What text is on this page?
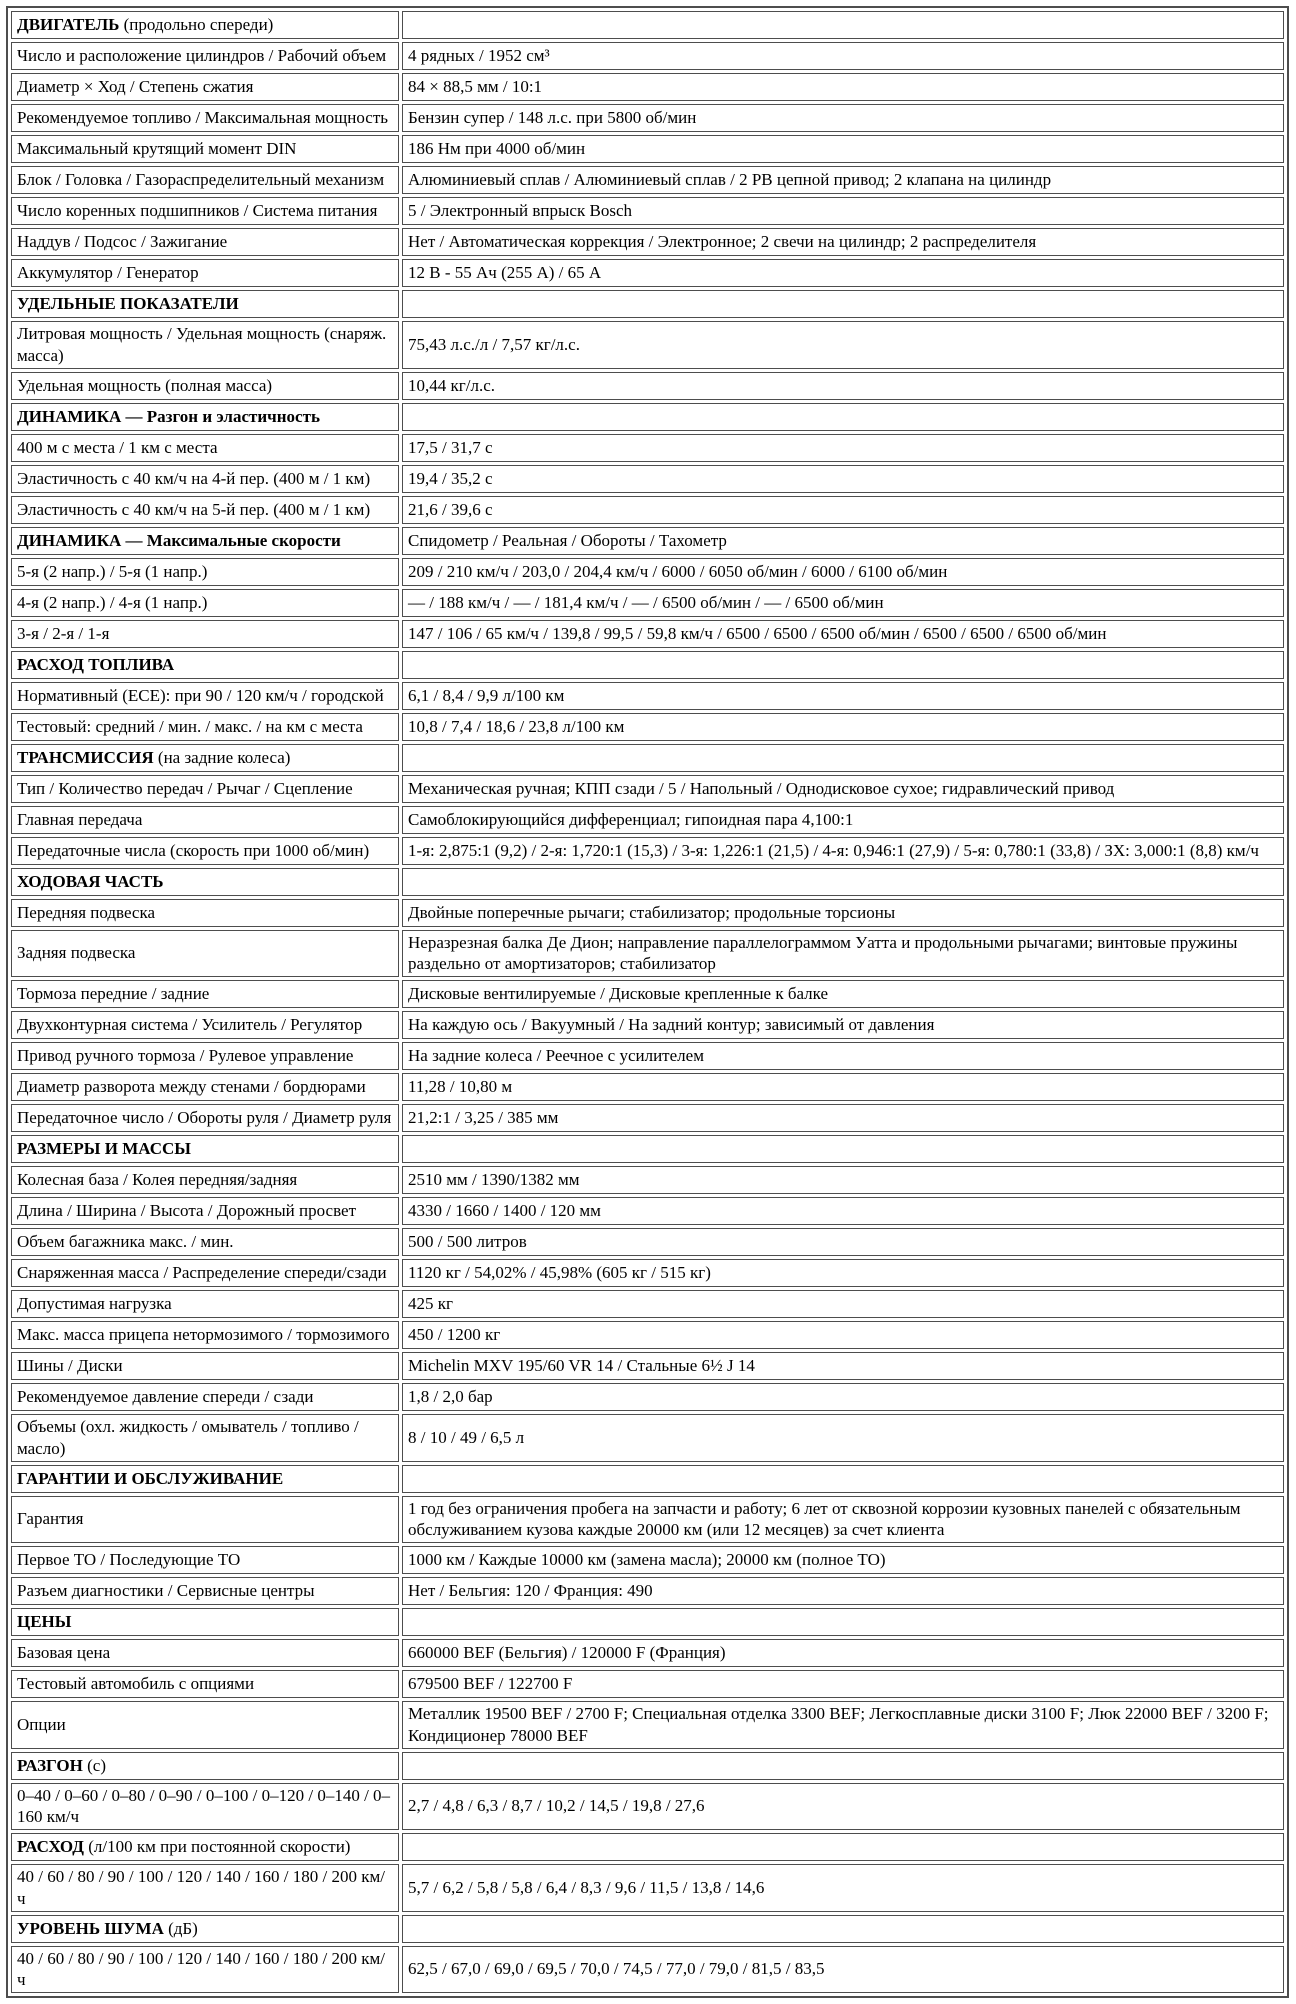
ДВИГАТЕЛЬ (продольно спереди)	
Число и расположение цилиндров / Рабочий объем	4 рядных / 1952 см³
Диаметр × Ход / Степень сжатия	84 × 88,5 мм / 10:1
Рекомендуемое топливо / Максимальная мощность	Бензин супер / 148 л.с. при 5800 об/мин
Максимальный крутящий момент DIN	186 Нм при 4000 об/мин
Блок / Головка / Газораспределительный механизм	Алюминиевый сплав / Алюминиевый сплав / 2 РВ цепной привод; 2 клапана на цилиндр
Число коренных подшипников / Система питания	5 / Электронный впрыск Bosch
Наддув / Подсос / Зажигание	Нет / Автоматическая коррекция / Электронное; 2 свечи на цилиндр; 2 распределителя
Аккумулятор / Генератор	12 В - 55 Ач (255 А) / 65 А
УДЕЛЬНЫЕ ПОКАЗАТЕЛИ	
Литровая мощность / Удельная мощность (снаряж. масса)	75,43 л.с./л / 7,57 кг/л.с.
Удельная мощность (полная масса)	10,44 кг/л.с.
ДИНАМИКА — Разгон и эластичность	
400 м с места / 1 км с места	17,5 / 31,7 с
Эластичность с 40 км/ч на 4-й пер. (400 м / 1 км)	19,4 / 35,2 с
Эластичность с 40 км/ч на 5-й пер. (400 м / 1 км)	21,6 / 39,6 с
ДИНАМИКА — Максимальные скорости	Спидометр / Реальная / Обороты / Тахометр
5-я (2 напр.) / 5-я (1 напр.)	209 / 210 км/ч / 203,0 / 204,4 км/ч / 6000 / 6050 об/мин / 6000 / 6100 об/мин
4-я (2 напр.) / 4-я (1 напр.)	— / 188 км/ч / — / 181,4 км/ч / — / 6500 об/мин / — / 6500 об/мин
3-я / 2-я / 1-я	147 / 106 / 65 км/ч / 139,8 / 99,5 / 59,8 км/ч / 6500 / 6500 / 6500 об/мин / 6500 / 6500 / 6500 об/мин
РАСХОД ТОПЛИВА	
Нормативный (ЕСЕ): при 90 / 120 км/ч / городской	6,1 / 8,4 / 9,9 л/100 км
Тестовый: средний / мин. / макс. / на км с места	10,8 / 7,4 / 18,6 / 23,8 л/100 км
ТРАНСМИССИЯ (на задние колеса)	
Тип / Количество передач / Рычаг / Сцепление	Механическая ручная; КПП сзади / 5 / Напольный / Однодисковое сухое; гидравлический привод
Главная передача	Самоблокирующийся дифференциал; гипоидная пара 4,100:1
Передаточные числа (скорость при 1000 об/мин)	1-я: 2,875:1 (9,2) / 2-я: 1,720:1 (15,3) / 3-я: 1,226:1 (21,5) / 4-я: 0,946:1 (27,9) / 5-я: 0,780:1 (33,8) / ЗХ: 3,000:1 (8,8) км/ч
ХОДОВАЯ ЧАСТЬ	
Передняя подвеска	Двойные поперечные рычаги; стабилизатор; продольные торсионы
Задняя подвеска	Неразрезная балка Де Дион; направление параллелограммом Уатта и продольными рычагами; винтовые пружины раздельно от амортизаторов; стабилизатор
Тормоза передние / задние	Дисковые вентилируемые / Дисковые крепленные к балке
Двухконтурная система / Усилитель / Регулятор	На каждую ось / Вакуумный / На задний контур; зависимый от давления
Привод ручного тормоза / Рулевое управление	На задние колеса / Реечное с усилителем
Диаметр разворота между стенами / бордюрами	11,28 / 10,80 м
Передаточное число / Обороты руля / Диаметр руля	21,2:1 / 3,25 / 385 мм
РАЗМЕРЫ И МАССЫ	
Колесная база / Колея передняя/задняя	2510 мм / 1390/1382 мм
Длина / Ширина / Высота / Дорожный просвет	4330 / 1660 / 1400 / 120 мм
Объем багажника макс. / мин.	500 / 500 литров
Снаряженная масса / Распределение спереди/сзади	1120 кг / 54,02% / 45,98% (605 кг / 515 кг)
Допустимая нагрузка	425 кг
Макс. масса прицепа нетормозимого / тормозимого	450 / 1200 кг
Шины / Диски	Michelin MXV 195/60 VR 14 / Стальные 6½ J 14
Рекомендуемое давление спереди / сзади	1,8 / 2,0 бар
Объемы (охл. жидкость / омыватель / топливо / масло)	8 / 10 / 49 / 6,5 л
ГАРАНТИИ И ОБСЛУЖИВАНИЕ	
Гарантия	1 год без ограничения пробега на запчасти и работу; 6 лет от сквозной коррозии кузовных панелей с обязательным обслуживанием кузова каждые 20000 км (или 12 месяцев) за счет клиента
Первое ТО / Последующие ТО	1000 км / Каждые 10000 км (замена масла); 20000 км (полное ТО)
Разъем диагностики / Сервисные центры	Нет / Бельгия: 120 / Франция: 490
ЦЕНЫ	
Базовая цена	660000 BEF (Бельгия) / 120000 F (Франция)
Тестовый автомобиль с опциями	679500 BEF / 122700 F
Опции	Металлик 19500 BEF / 2700 F; Специальная отделка 3300 BEF; Легкосплавные диски 3100 F; Люк 22000 BEF / 3200 F; Кондиционер 78000 BEF
РАЗГОН (с)	
0–40 / 0–60 / 0–80 / 0–90 / 0–100 / 0–120 / 0–140 / 0–160 км/ч	2,7 / 4,8 / 6,3 / 8,7 / 10,2 / 14,5 / 19,8 / 27,6
РАСХОД (л/100 км при постоянной скорости)	
40 / 60 / 80 / 90 / 100 / 120 / 140 / 160 / 180 / 200 км/ч	5,7 / 6,2 / 5,8 / 5,8 / 6,4 / 8,3 / 9,6 / 11,5 / 13,8 / 14,6
УРОВЕНЬ ШУМА (дБ)	
40 / 60 / 80 / 90 / 100 / 120 / 140 / 160 / 180 / 200 км/ч	62,5 / 67,0 / 69,0 / 69,5 / 70,0 / 74,5 / 77,0 / 79,0 / 81,5 / 83,5
